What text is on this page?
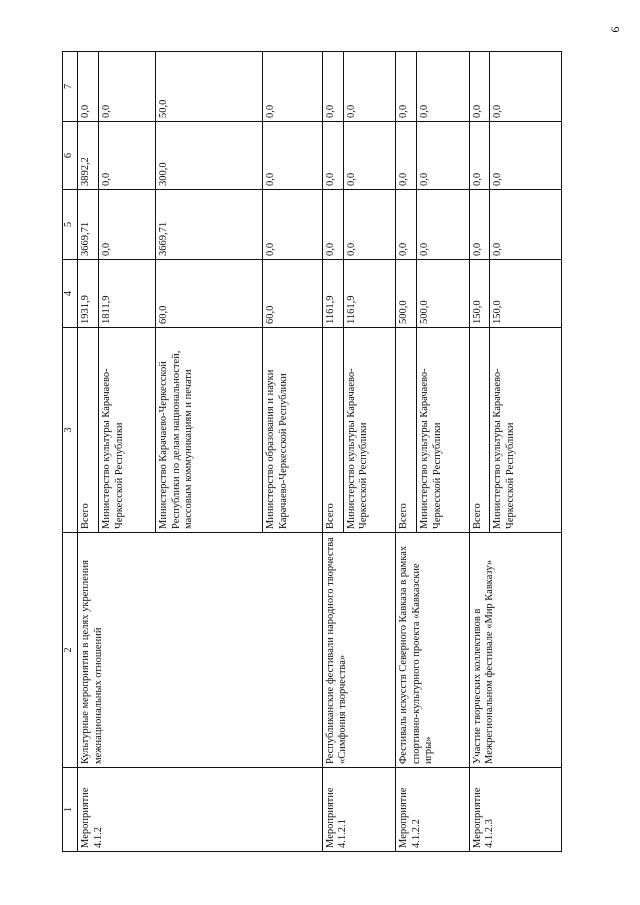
9
1	2	3	4	5	6	7
Мероприятие 4.1.2	Культурные мероприятия в целях укрепления межнациональных отношений	Всего	1931,9	3669,71	3892,2	0,0
		Министерство культуры Карачаево-Черкесской Республики	1811,9	0,0	0,0	0,0
		Министерство Карачаево-Черкесской Республики по делам национальностей, массовым коммуникациям и печати	60,0	3669,71	300,0	50,0
		Министерство образования и науки Карачаево-Черкесской Республики	60,0	0,0	0,0	0,0
Мероприятие 4.1.2.1	Республиканские фестивали народного творчества «Симфония творчества»	Всего	1161,9	0,0	0,0	0,0
		Министерство культуры Карачаево-Черкесской Республики	1161,9	0,0	0,0	0,0
Мероприятие 4.1.2.2	Фестиваль искусств Северного Кавказа в рамках спортивно-культурного проекта «Кавказские игры»	Всего	500,0	0,0	0,0	0,0
		Министерство культуры Карачаево-Черкесской Республики	500,0	0,0	0,0	0,0
Мероприятие 4.1.2.3	Участие творческих коллективов в Межрегиональном фестивале «Мир Кавказу»	Всего	150,0	0,0	0,0	0,0
		Министерство культуры Карачаево-Черкесской Республики	150,0	0,0	0,0	0,0
